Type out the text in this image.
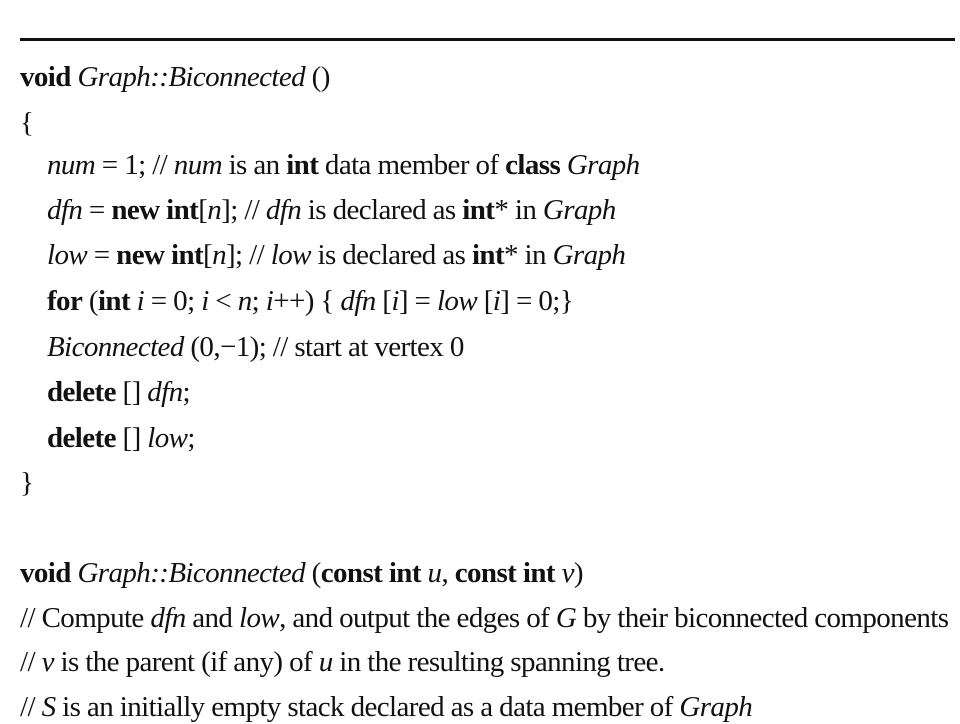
void Graph::Biconnected ()
{
num = 1; // num is an int data member of class Graph
dfn = new int[n]; // dfn is declared as int* in Graph
low = new int[n]; // low is declared as int* in Graph
for (int i = 0; i < n; i++) { dfn [i] = low [i] = 0;}
Biconnected (0,−1); // start at vertex 0
delete [] dfn;
delete [] low;
}
void Graph::Biconnected (const int u, const int v)
// Compute dfn and low, and output the edges of G by their biconnected components
// v is the parent (if any) of u in the resulting spanning tree.
// S is an initially empty stack declared as a data member of Graph
